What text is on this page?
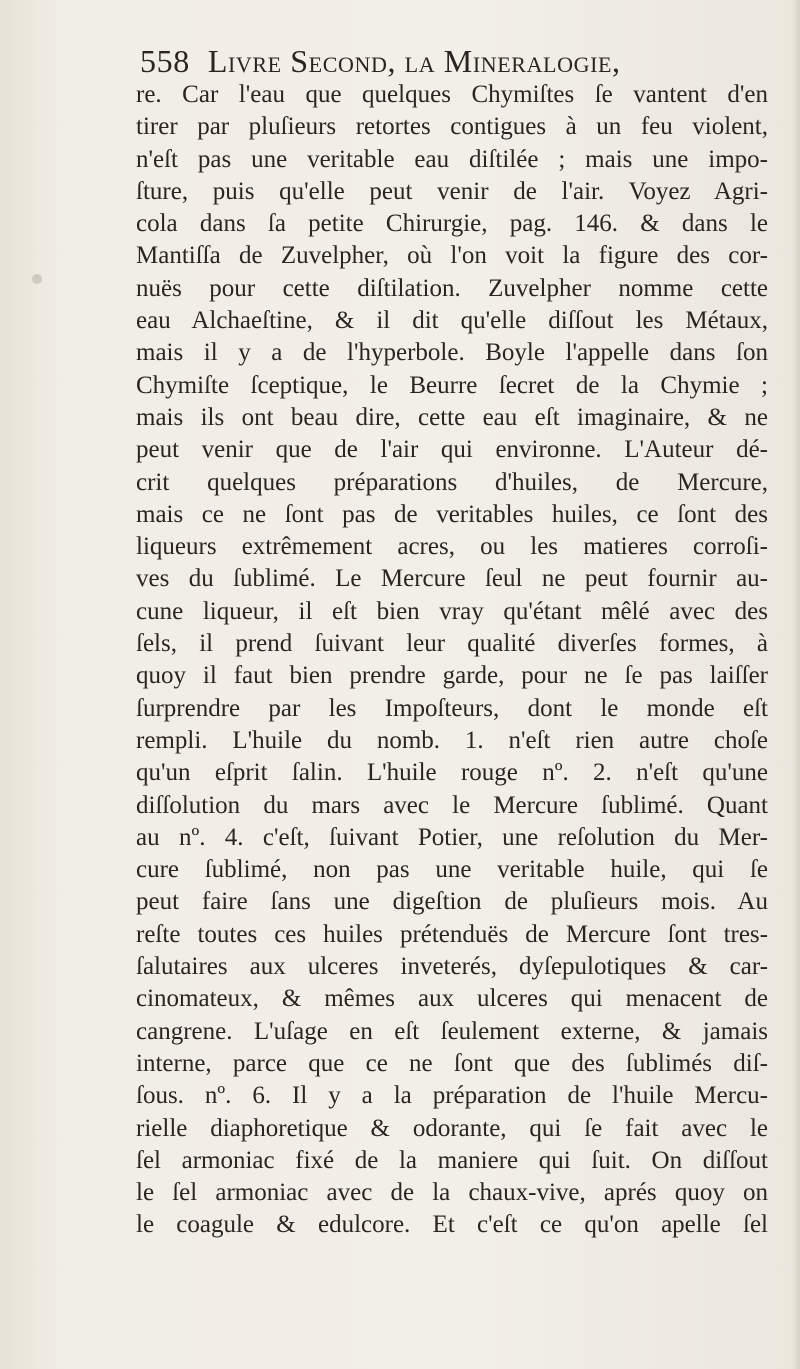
558 Livre Second, la Mineralogie,
re. Car l'eau que quelques Chymiſtes ſe vantent d'en
tirer par pluſieurs retortes contigues à un feu violent,
n'eſt pas une veritable eau diſtilée ; mais une impo-
ſture, puis qu'elle peut venir de l'air. Voyez Agri-
cola dans ſa petite Chirurgie, pag. 146. & dans le
Mantiſſa de Zuvelpher, où l'on voit la figure des cor-
nuës pour cette diſtilation. Zuvelpher nomme cette
eau Alchaeſtine, & il dit qu'elle diſſout les Métaux,
mais il y a de l'hyperbole. Boyle l'appelle dans ſon
Chymiſte ſceptique, le Beurre ſecret de la Chymie ;
mais ils ont beau dire, cette eau eſt imaginaire, & ne
peut venir que de l'air qui environne. L'Auteur dé-
crit quelques préparations d'huiles, de Mercure,
mais ce ne ſont pas de veritables huiles, ce ſont des
liqueurs extrêmement acres, ou les matieres corroſi-
ves du ſublimé. Le Mercure ſeul ne peut fournir au-
cune liqueur, il eſt bien vray qu'étant mêlé avec des
ſels, il prend ſuivant leur qualité diverſes formes, à
quoy il faut bien prendre garde, pour ne ſe pas laiſſer
ſurprendre par les Impoſteurs, dont le monde eſt
rempli. L'huile du nomb. 1. n'eſt rien autre choſe
qu'un eſprit ſalin. L'huile rouge nº. 2. n'eſt qu'une
diſſolution du mars avec le Mercure ſublimé. Quant
au nº. 4. c'eſt, ſuivant Potier, une reſolution du Mer-
cure ſublimé, non pas une veritable huile, qui ſe
peut faire ſans une digeſtion de pluſieurs mois. Au
reſte toutes ces huiles prétenduës de Mercure ſont tres-
ſalutaires aux ulceres inveterés, dyſepulotiques & car-
cinomateux, & mêmes aux ulceres qui menacent de
cangrene. L'uſage en eſt ſeulement externe, & jamais
interne, parce que ce ne ſont que des ſublimés diſ-
ſous. nº. 6. Il y a la préparation de l'huile Mercu-
rielle diaphoretique & odorante, qui ſe fait avec le
ſel armoniac fixé de la maniere qui ſuit. On diſſout
le ſel armoniac avec de la chaux-vive, aprés quoy on
le coagule & edulcore. Et c'eſt ce qu'on apelle ſel
